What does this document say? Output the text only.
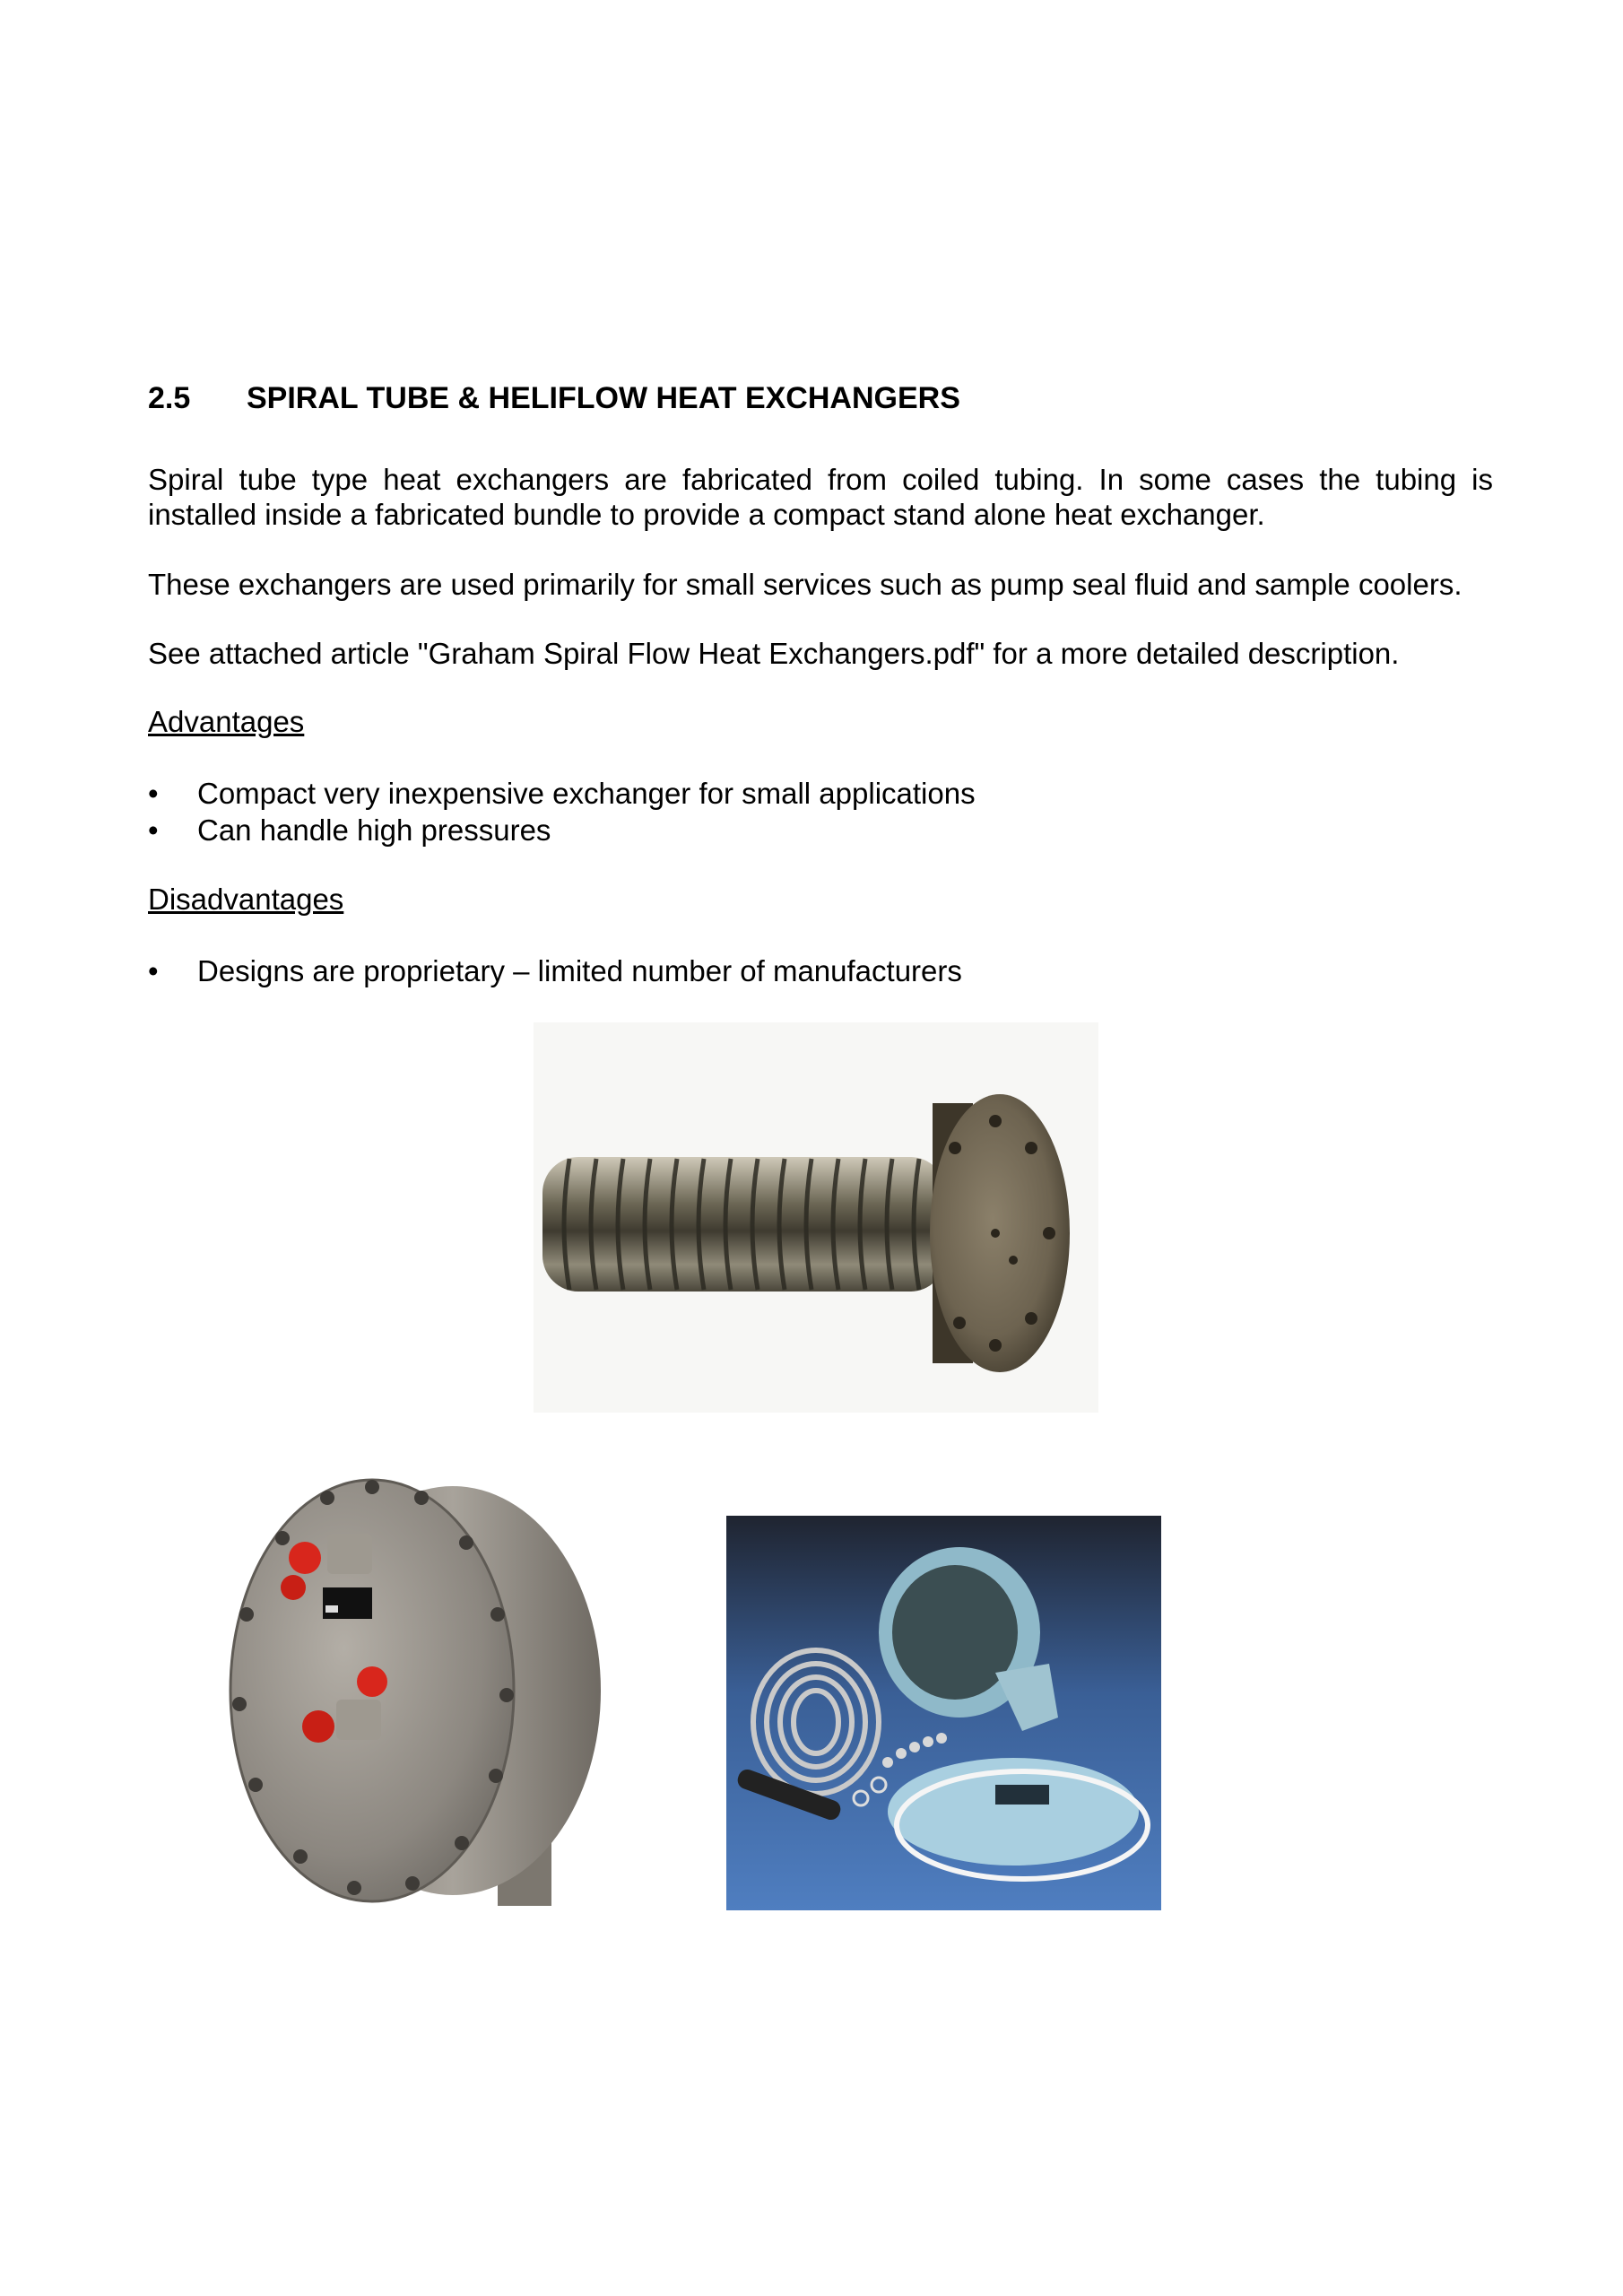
2.5 SPIRAL TUBE & HELIFLOW HEAT EXCHANGERS
Spiral tube type heat exchangers are fabricated from coiled tubing. In some cases the tubing is installed inside a fabricated bundle to provide a compact stand alone heat exchanger.
These exchangers are used primarily for small services such as pump seal fluid and sample coolers.
See attached article "Graham Spiral Flow Heat Exchangers.pdf" for a more detailed description.
Advantages
• Compact very inexpensive exchanger for small applications
• Can handle high pressures
Disadvantages
• Designs are proprietary – limited number of manufacturers
